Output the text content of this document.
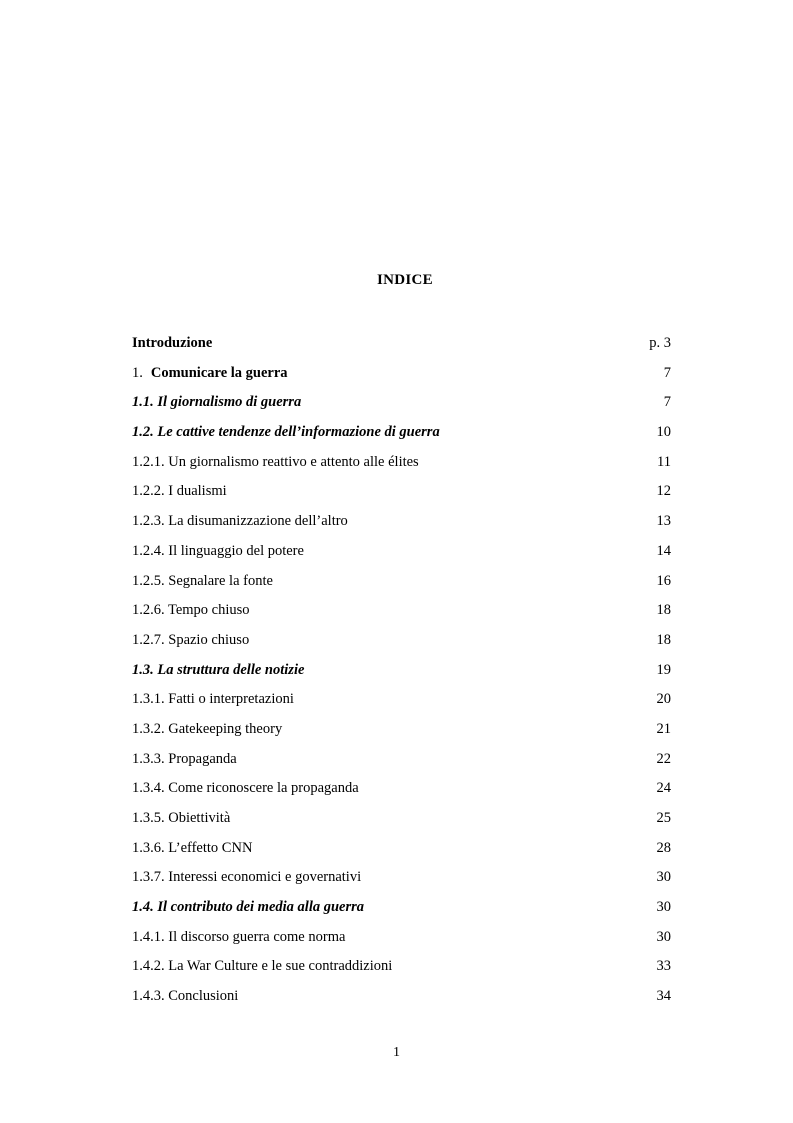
INDICE
Introduzione	p. 3
1. Comunicare la guerra	7
1.1. Il giornalismo di guerra	7
1.2. Le cattive tendenze dell’informazione di guerra	10
1.2.1. Un giornalismo reattivo e attento alle élites	11
1.2.2. I dualismi	12
1.2.3. La disumanizzazione dell’altro	13
1.2.4. Il linguaggio del potere	14
1.2.5. Segnalare la fonte	16
1.2.6. Tempo chiuso	18
1.2.7. Spazio chiuso	18
1.3. La struttura delle notizie	19
1.3.1. Fatti o interpretazioni	20
1.3.2. Gatekeeping theory	21
1.3.3. Propaganda	22
1.3.4. Come riconoscere la propaganda	24
1.3.5. Obiettività	25
1.3.6. L’effetto CNN	28
1.3.7. Interessi economici e governativi	30
1.4. Il contributo dei media alla guerra	30
1.4.1. Il discorso guerra come norma	30
1.4.2. La War Culture e le sue contraddizioni	33
1.4.3. Conclusioni	34
1
